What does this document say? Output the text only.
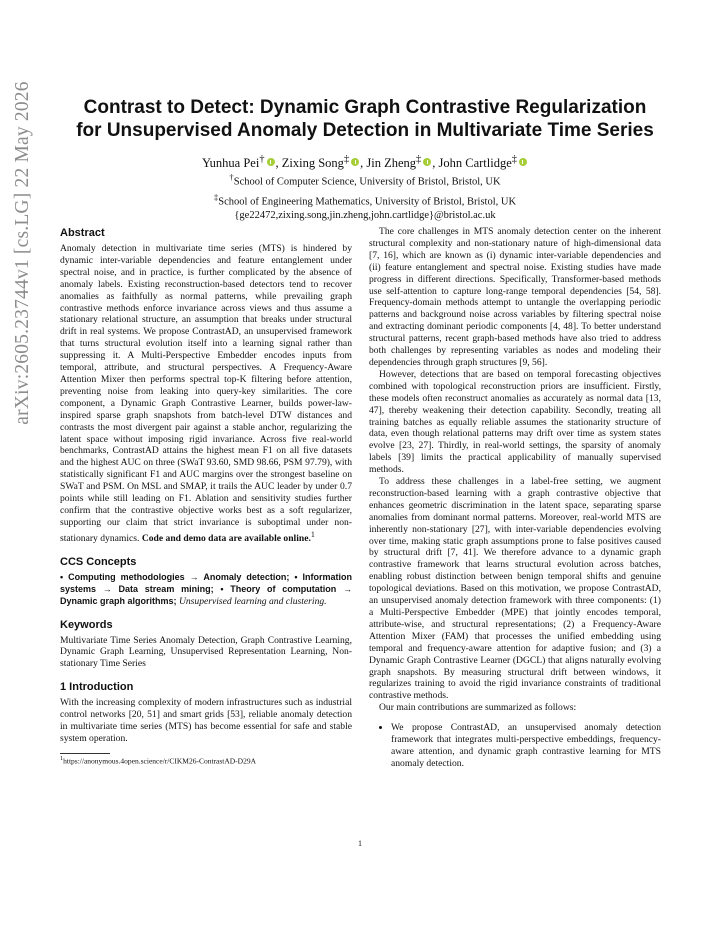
arXiv:2605.23744v1 [cs.LG] 22 May 2026	Contrast to Detect: Dynamic Graph Contrastive Regularization
for Unsupervised Anomaly Detection in Multivariate Time Series
Yunhua Pei† , Zixing Song‡ , Jin Zheng‡ , John Cartlidge‡
†School of Computer Science, University of Bristol, Bristol, UK
‡School of Engineering Mathematics, University of Bristol, Bristol, UK
{ge22472,zixing.song,jin.zheng,john.cartlidge}@bristol.ac.uk
Abstract

Anomaly detection in multivariate time series (MTS) is hindered by dynamic inter-variable dependencies and feature entanglement under spectral noise, and in practice, is further complicated by the absence of anomaly labels. Existing reconstruction-based detectors tend to recover anomalies as faithfully as normal patterns, while prevailing graph contrastive methods enforce invariance across views and thus assume a stationary relational structure, an assumption that breaks under structural drift in real systems. We propose ContrastAD, an unsupervised framework that turns structural evolution itself into a learning signal rather than suppressing it. A Multi-Perspective Embedder encodes inputs from temporal, attribute, and structural perspectives. A Frequency-Aware Attention Mixer then performs spectral top-K filtering before attention, preventing noise from leaking into query-key similarities. The core component, a Dynamic Graph Contrastive Learner, builds power-law-inspired sparse graph snapshots from batch-level DTW distances and contrasts the most divergent pair against a stable anchor, regularizing the latent space without imposing rigid invariance. Across five real-world benchmarks, ContrastAD attains the highest mean F1 on all five datasets and the highest AUC on three (SWaT 93.60, SMD 98.66, PSM 97.79), with statistically significant F1 and AUC margins over the strongest baseline on SWaT and PSM. On MSL and SMAP, it trails the AUC leader by under 0.7 points while still leading on F1. Ablation and sensitivity studies further confirm that the contrastive objective works best as a soft regularizer, supporting our claim that strict invariance is suboptimal under non-stationary dynamics. Code and demo data are available online.$^1$

CCS Concepts

• Computing methodologies → Anomaly detection; • Information systems → Data stream mining; • Theory of computation → Dynamic graph algorithms; Unsupervised learning and clustering.

Keywords

Multivariate Time Series Anomaly Detection, Graph Contrastive Learning, Dynamic Graph Learning, Unsupervised Representation Learning, Non-stationary Time Series

1 Introduction

With the increasing complexity of modern infrastructures such as industrial control networks [20, 51] and smart grids [53], reliable anomaly detection in multivariate time series (MTS) has become essential for safe and stable system operation.

$^1$https://anonymous.4open.science/r/CIKM26-ContrastAD-D29A

The core challenges in MTS anomaly detection center on the inherent structural complexity and non-stationary nature of high-dimensional data [7, 16], which are known as (i) dynamic inter-variable dependencies and (ii) feature entanglement and spectral noise. Existing studies have made progress in different directions. Specifically, Transformer-based methods use self-attention to capture long-range temporal dependencies [54, 58]. Frequency-domain methods attempt to untangle the overlapping periodic patterns and background noise across variables by filtering spectral noise and extracting dominant periodic components [4, 48]. To better understand structural patterns, recent graph-based methods have also tried to address both challenges by representing variables as nodes and modeling their dependencies through graph structures [9, 56].

However, detections that are based on temporal forecasting objectives combined with topological reconstruction priors are insufficient. Firstly, these models often reconstruct anomalies as accurately as normal data [13, 47], thereby weakening their detection capability. Secondly, treating all training batches as equally reliable assumes the stationarity structure of data, even though relational patterns may drift over time as system states evolve [23, 27]. Thirdly, in real-world settings, the sparsity of anomaly labels [39] limits the practical applicability of manually supervised methods.

To address these challenges in a label-free setting, we augment reconstruction-based learning with a graph contrastive objective that enhances geometric discrimination in the latent space, separating sparse anomalies from dominant normal patterns. Moreover, real-world MTS are inherently non-stationary [27], with inter-variable dependencies evolving over time, making static graph assumptions prone to false positives caused by structural drift [7, 41]. We therefore advance to a dynamic graph contrastive framework that learns structural evolution across batches, enabling robust distinction between benign temporal shifts and genuine topological deviations. Based on this motivation, we propose ContrastAD, an unsupervised anomaly detection framework with three components: (1) a Multi-Perspective Embedder (MPE) that jointly encodes temporal, attribute-wise, and structural representations; (2) a Frequency-Aware Attention Mixer (FAM) that processes the unified embedding using temporal and frequency-aware attention for adaptive fusion; and (3) a Dynamic Graph Contrastive Learner (DGCL) that aligns naturally evolving graph snapshots. By measuring structural drift between windows, it regularizes training to avoid the rigid invariance constraints of traditional contrastive methods.

Our main contributions are summarized as follows:

• We propose ContrastAD, an unsupervised anomaly detection framework that integrates multi-perspective embeddings, frequency-aware attention, and dynamic graph contrastive learning for MTS anomaly detection.
1
